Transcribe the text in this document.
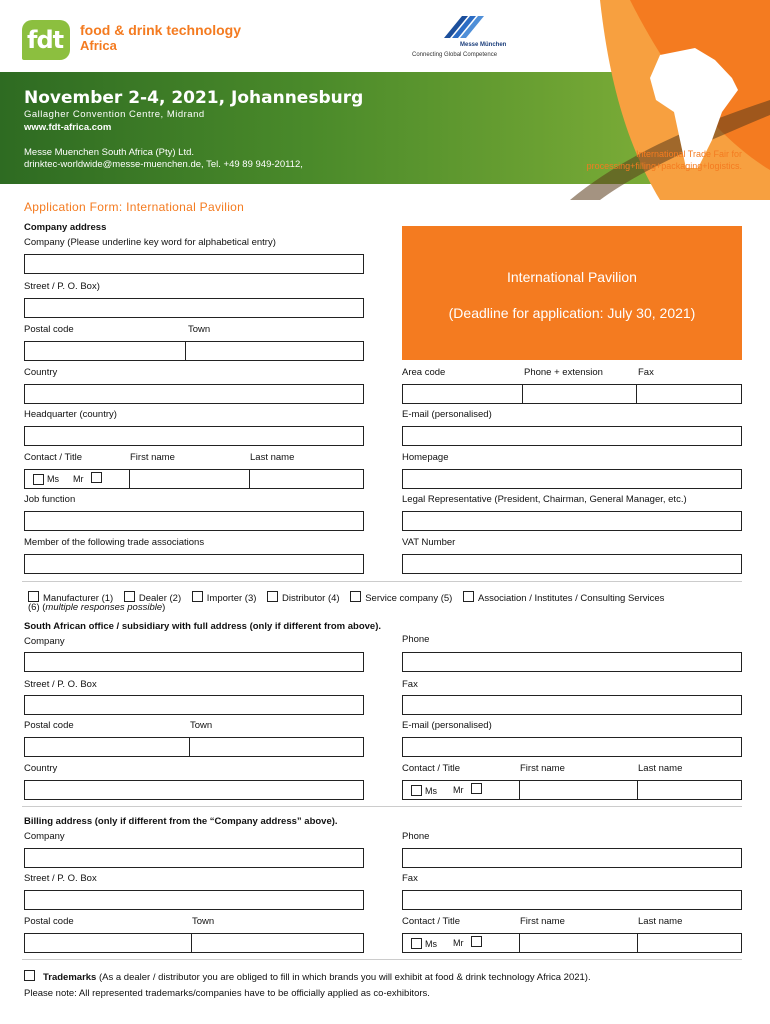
fdt food & drink technology
Africa	Messe München
Connecting Global Competence
November 2-4, 2021, Johannesburg
Gallagher Convention Centre, Midrand
www.fdt-africa.com
Messe Muenchen South Africa (Pty) Ltd.
drinktec-worldwide@messe-muenchen.de, Tel. +49 89 949-20112,
International Trade Fair for
processing+filling+packaging+logistics.
Application Form: International Pavilion
International Pavilion
(Deadline for application: July 30, 2021)
Company address
Company (Please underline key word for alphabetical entry)
Street / P. O. Box)
Postal code	Town
Country
Headquarter (country)
Contact / Title	First name	Last name
Ms Mr
Job function
Member of the following trade associations
Area code	Phone + extension	Fax
E-mail (personalised)
Homepage
Legal Representative (President, Chairman, General Manager, etc.)
VAT Number
Manufacturer (1)	Dealer (2)	Importer (3)	Distributor (4)	Service company (5)	Association / Institutes / Consulting Services
(6) (multiple responses possible)
South African office / subsidiary with full address (only if different from above).
Company	Phone
Street / P. O. Box	Fax
Postal code	Town	E-mail (personalised)
Country	Contact / Title	First name	Last name
Ms Mr
Billing address (only if different from the “Company address” above).
Company	Phone
Street / P. O. Box	Fax
Postal code	Town	Contact / Title	First name	Last name
Ms Mr
Trademarks (As a dealer / distributor you are obliged to fill in which brands you will exhibit at food & drink technology Africa 2021).
Please note: All represented trademarks/companies have to be officially applied as co-exhibitors.
